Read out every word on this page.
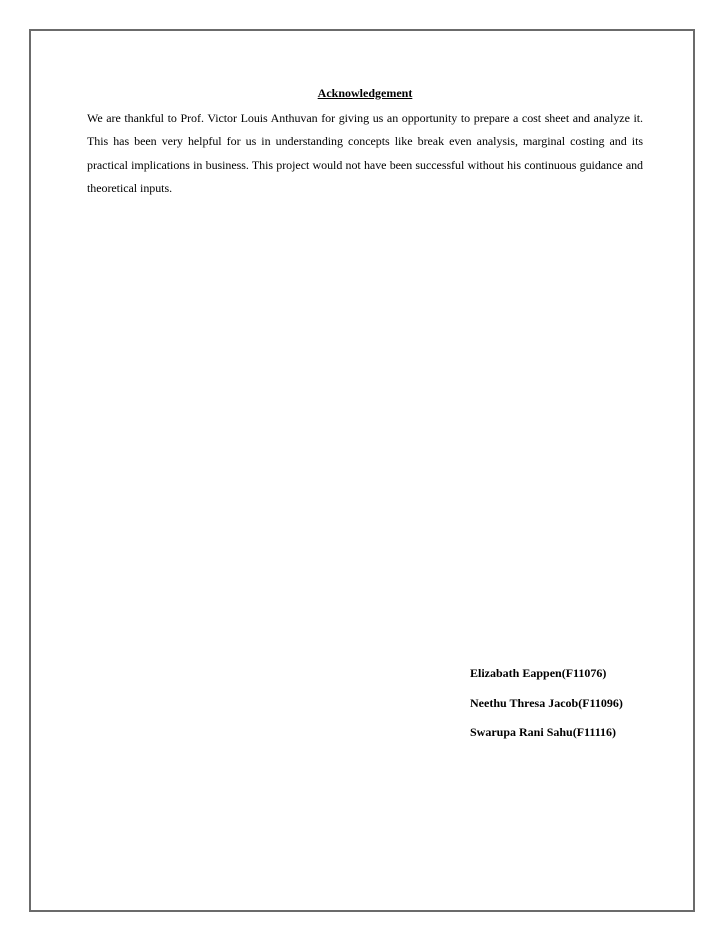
Acknowledgement

We are thankful to Prof. Victor Louis Anthuvan for giving us an opportunity to prepare a cost sheet and analyze it. This has been very helpful for us in understanding concepts like break even analysis, marginal costing and its practical implications in business. This project would not have been successful without his continuous guidance and theoretical inputs.

Elizabath Eappen(F11076)
Neethu Thresa Jacob(F11096)
Swarupa Rani Sahu(F11116)
